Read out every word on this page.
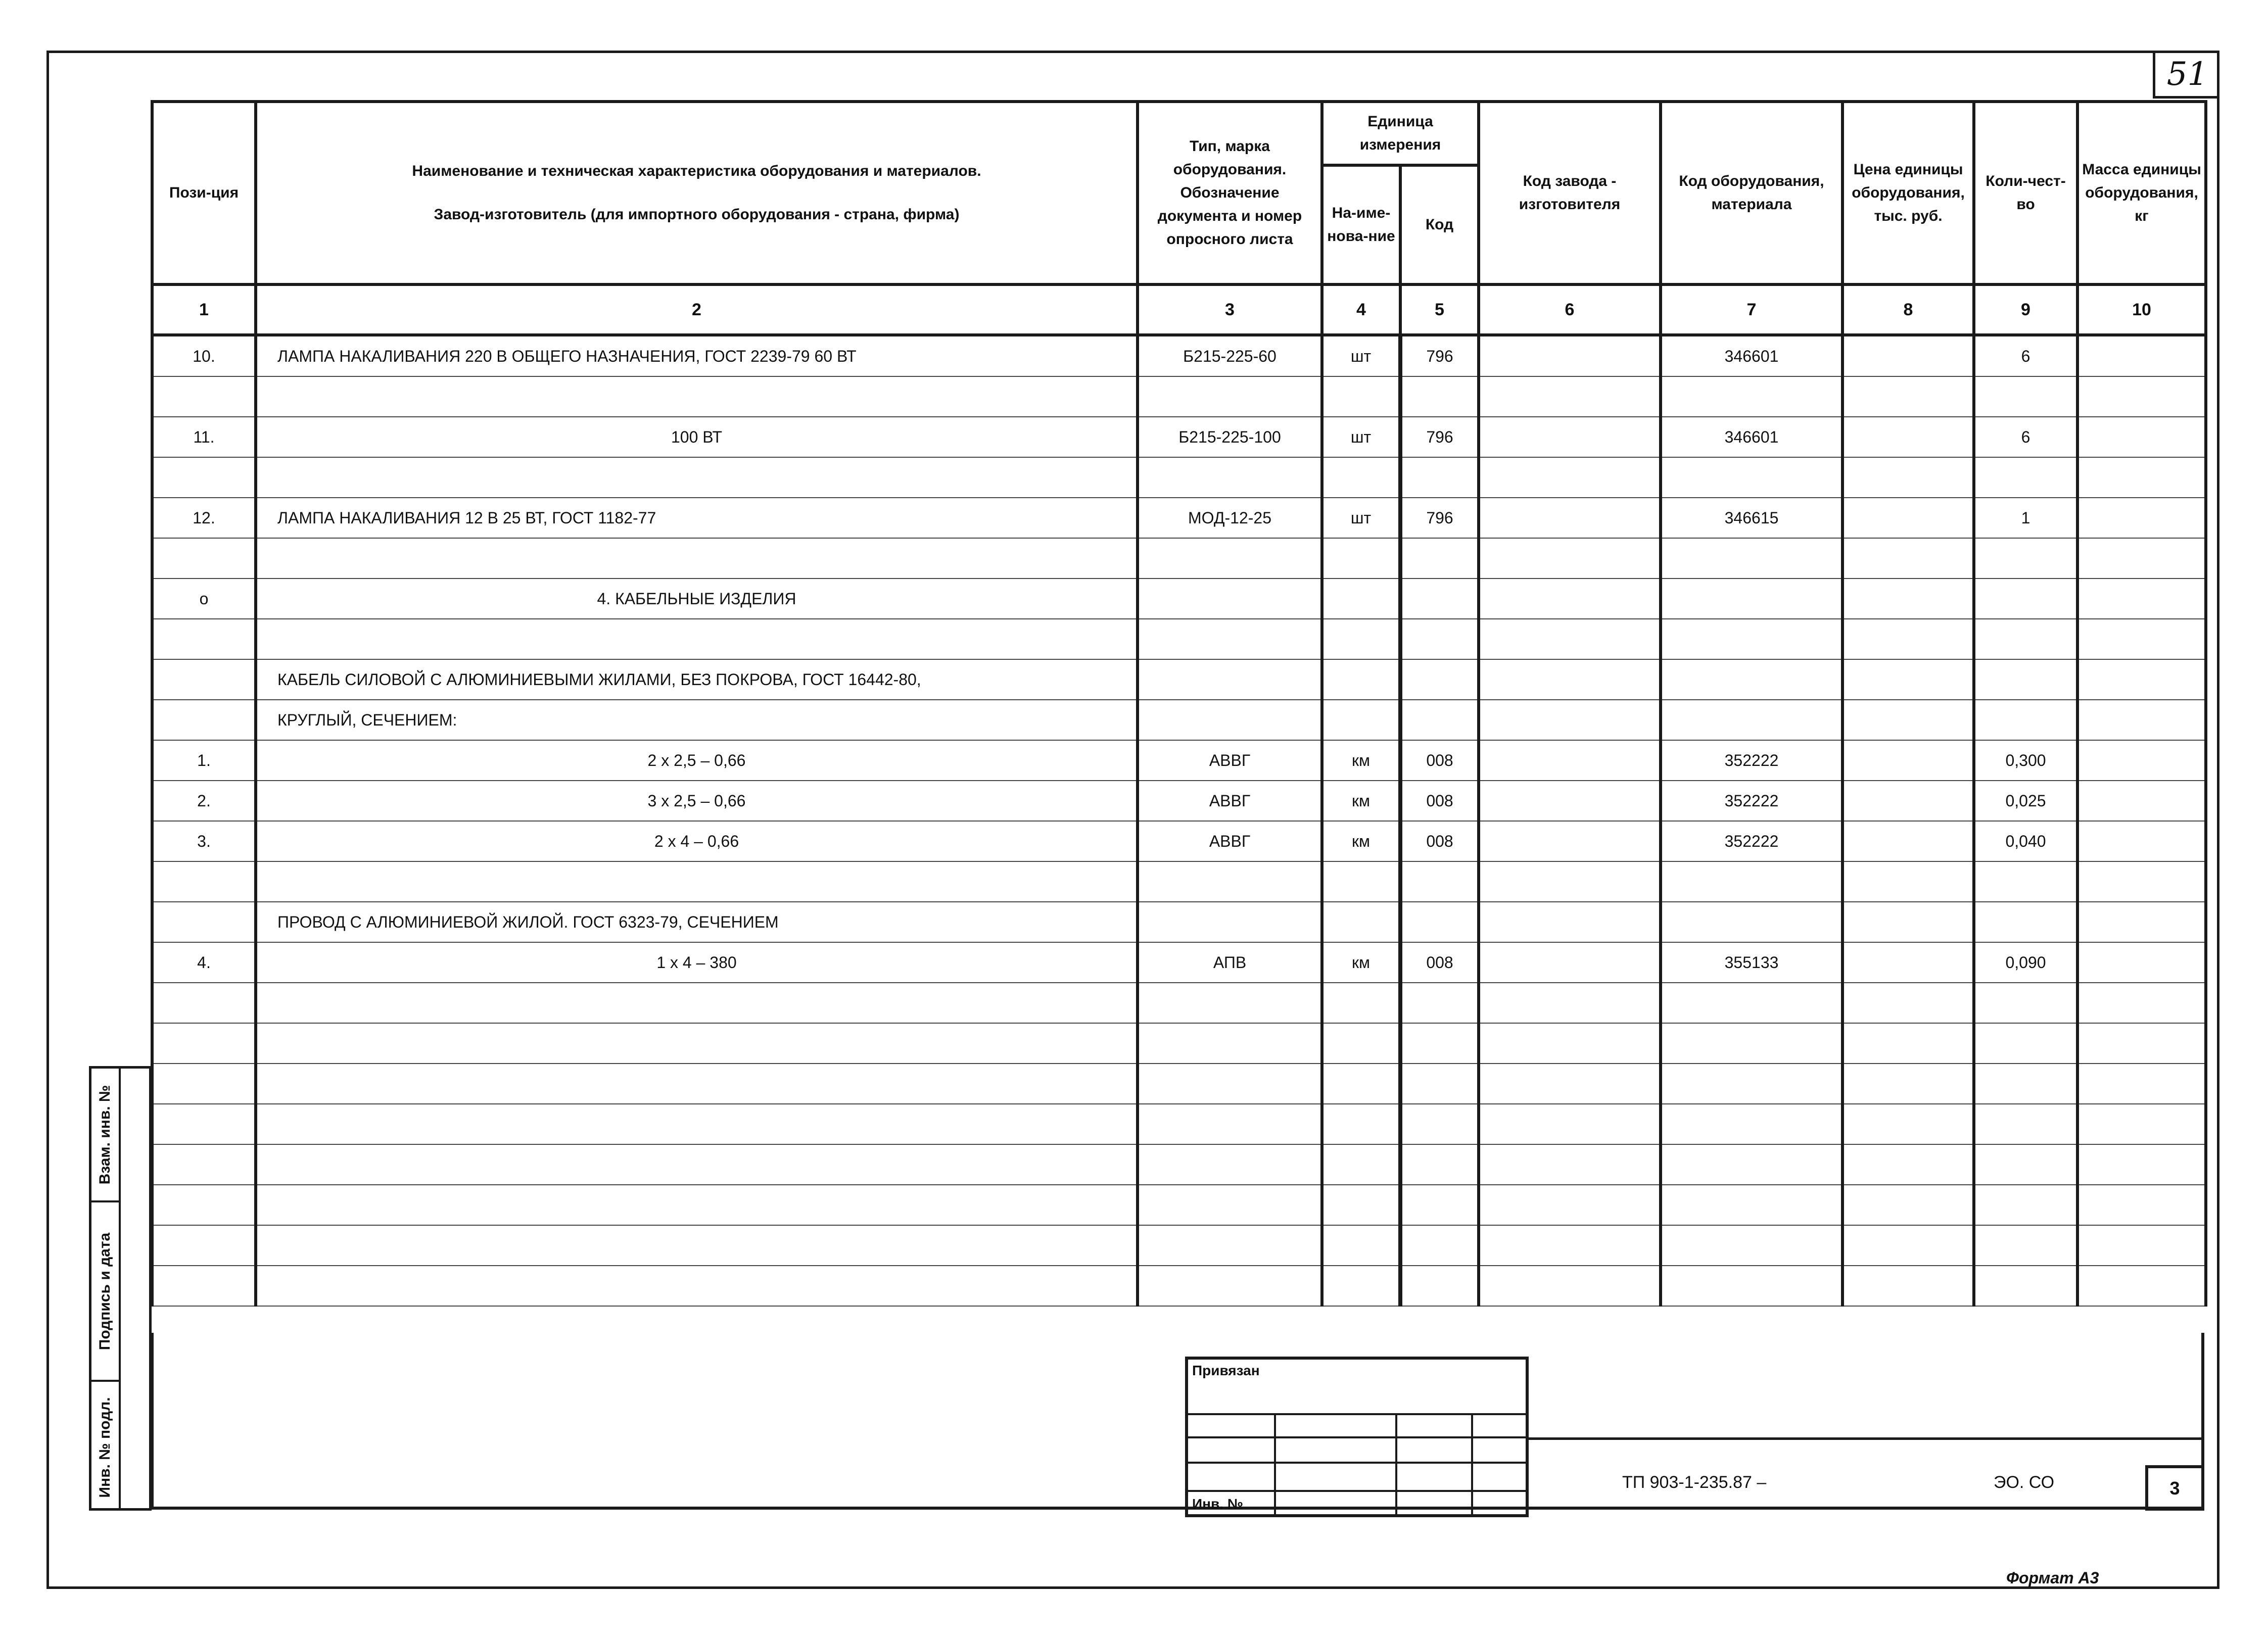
51
Пози-ция	Наименование и техническая характеристика оборудования и материалов.
Завод-изготовитель (для импортного оборудования - страна, фирма)	Тип, марка оборудования. Обозначение документа и номер опросного листа	Единица измерения		Код завода - изготовителя	Код оборудования, материала	Цена единицы оборудования, тыс. руб.	Коли-чест-во	Масса единицы оборудования, кг
			На-име-нова-ние	Код					
1	2	3	4	5	6	7	8	9	10
10.	ЛАМПА НАКАЛИВАНИЯ 220 В ОБЩЕГО НАЗНАЧЕНИЯ, ГОСТ 2239-79 60 ВТ	Б215-225-60	шт	796		346601		6	

11.	100 ВТ	Б215-225-100	шт	796		346601		6	

12.	ЛАМПА НАКАЛИВАНИЯ 12 В 25 ВТ, ГОСТ 1182-77	МОД-12-25	шт	796		346615		1	

о	4. КАБЕЛЬНЫЕ ИЗДЕЛИЯ								

	КАБЕЛЬ СИЛОВОЙ С АЛЮМИНИЕВЫМИ ЖИЛАМИ, БЕЗ ПОКРОВА, ГОСТ 16442-80,								
	КРУГЛЫЙ, СЕЧЕНИЕМ:								
1.	2 х 2,5 – 0,66	АВВГ	км	008		352222		0,300	
2.	3 х 2,5 – 0,66	АВВГ	км	008		352222		0,025	
3.	2 х 4 – 0,66	АВВГ	км	008		352222		0,040	

	ПРОВОД С АЛЮМИНИЕВОЙ ЖИЛОЙ. ГОСТ 6323-79, СЕЧЕНИЕМ								
4.	1 х 4 – 380	АПВ	км	008		355133		0,090	

Привязан
Инв. №
ТП 903-1-235.87 –	ЭО. СО	3
Взам. инв. №
Подпись и дата
Инв. № подл.
Формат А3
